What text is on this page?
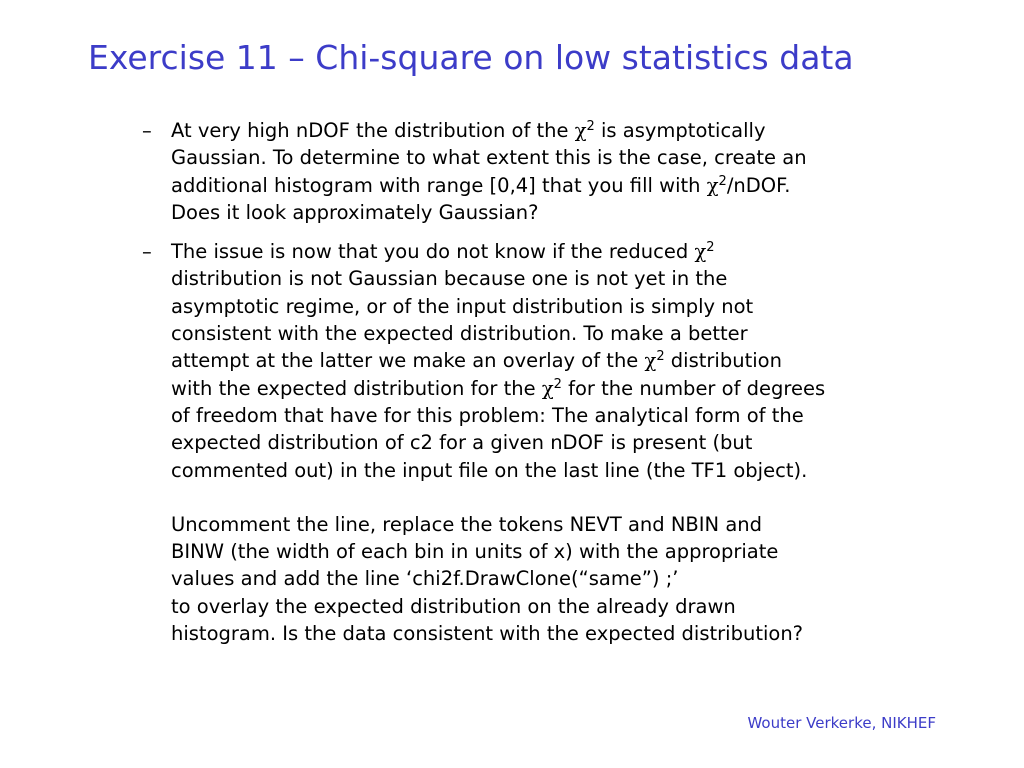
Exercise 11 – Chi-square on low statistics data
– At very high nDOF the distribution of the $\chi^2$ is asymptotically
Gaussian. To determine to what extent this is the case, create an
additional histogram with range [0,4] that you fill with $\chi^2$/nDOF.
Does it look approximately Gaussian?
– The issue is now that you do not know if the reduced $\chi^2$
distribution is not Gaussian because one is not yet in the
asymptotic regime, or of the input distribution is simply not
consistent with the expected distribution. To make a better
attempt at the latter we make an overlay of the $\chi^2$ distribution
with the expected distribution for the $\chi^2$ for the number of degrees
of freedom that have for this problem: The analytical form of the
expected distribution of c2 for a given nDOF is present (but
commented out) in the input file on the last line (the TF1 object).
Uncomment the line, replace the tokens NEVT and NBIN and
BINW (the width of each bin in units of x) with the appropriate
values and add the line ‘chi2f.DrawClone(“same”) ;’
to overlay the expected distribution on the already drawn
histogram. Is the data consistent with the expected distribution?
Wouter Verkerke, NIKHEF
